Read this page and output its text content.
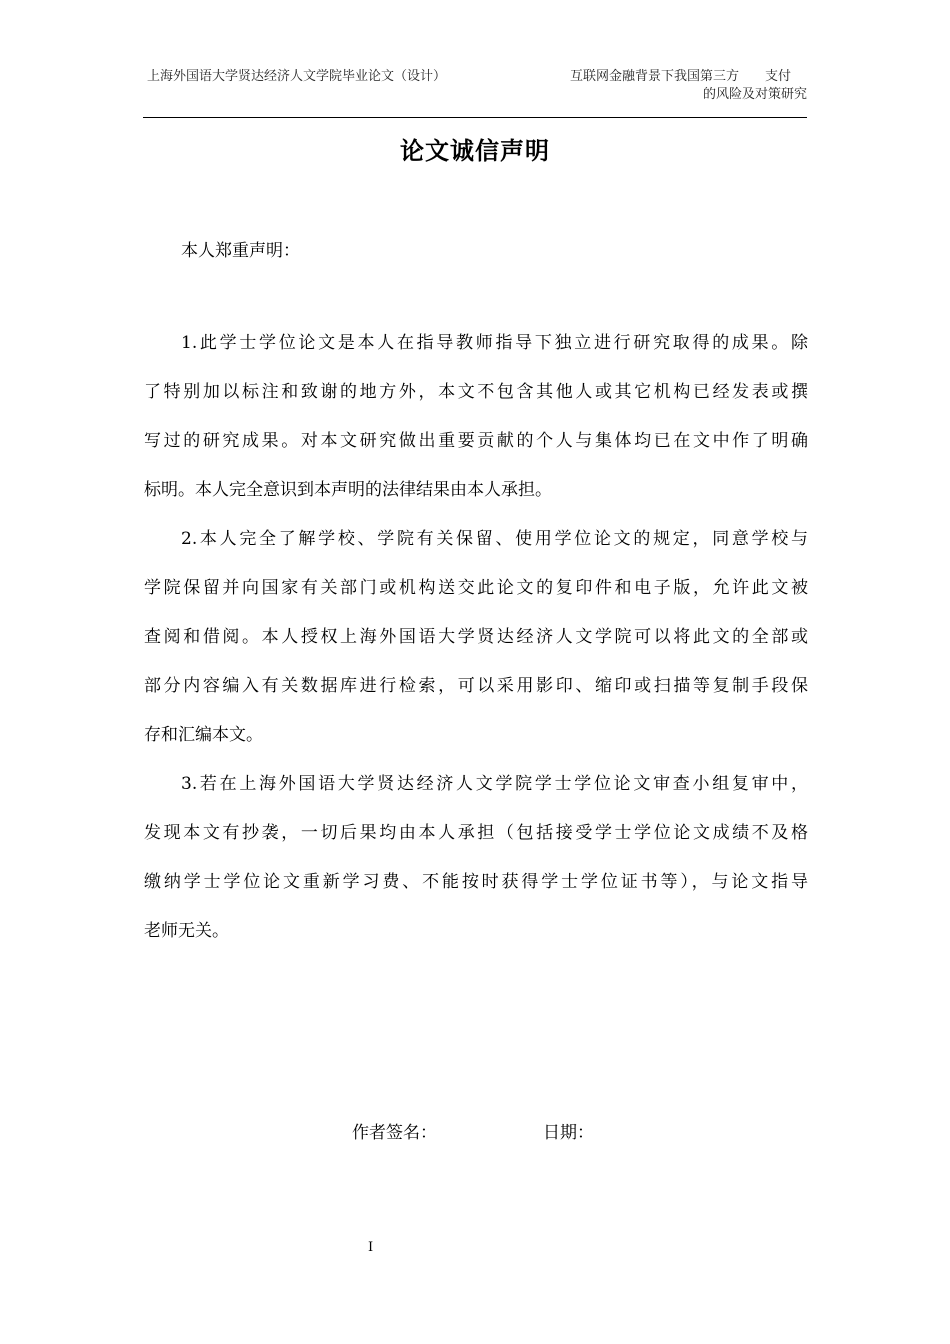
上海外国语大学贤达经济人文学院毕业论文（设计）	互联网金融背景下我国第三方　　支付
的风险及对策研究
论文诚信声明
本人郑重声明：
1.此学士学位论文是本人在指导教师指导下独立进行研究取得的成果。除
了特别加以标注和致谢的地方外，本文不包含其他人或其它机构已经发表或撰
写过的研究成果。对本文研究做出重要贡献的个人与集体均已在文中作了明确
标明。本人完全意识到本声明的法律结果由本人承担。
2.本人完全了解学校、学院有关保留、使用学位论文的规定，同意学校与
学院保留并向国家有关部门或机构送交此论文的复印件和电子版，允许此文被
查阅和借阅。本人授权上海外国语大学贤达经济人文学院可以将此文的全部或
部分内容编入有关数据库进行检索，可以采用影印、缩印或扫描等复制手段保
存和汇编本文。
3.若在上海外国语大学贤达经济人文学院学士学位论文审查小组复审中，
发现本文有抄袭，一切后果均由本人承担（包括接受学士学位论文成绩不及格
缴纳学士学位论文重新学习费、不能按时获得学士学位证书等），与论文指导
老师无关。
作者签名：	日期：
I
